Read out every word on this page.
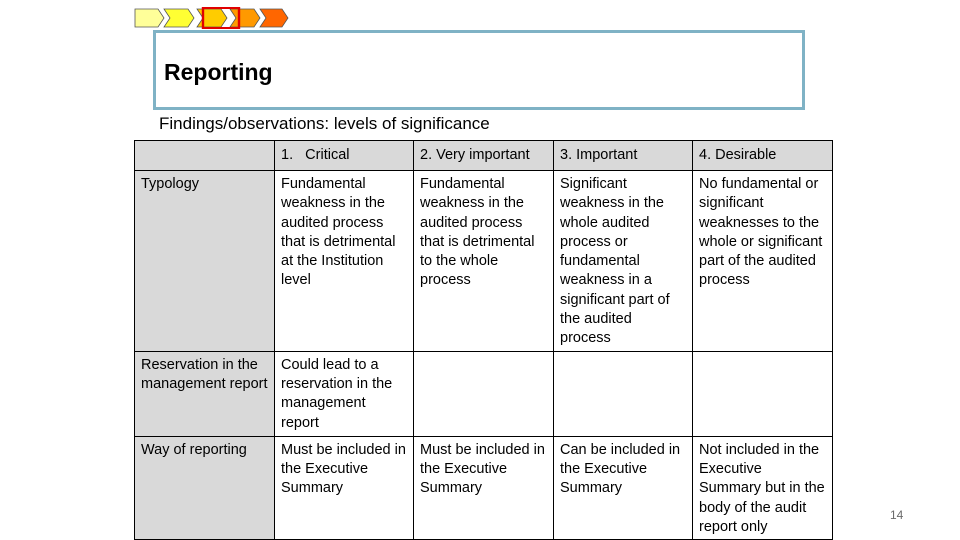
Reporting
Findings/observations: levels of significance
	1.   Critical	2. Very important	3. Important	4. Desirable
Typology	Fundamental weakness in the audited process that is detrimental at the Institution level	Fundamental weakness in the audited process that is detrimental to the whole process	Significant weakness in the whole audited process or fundamental weakness in a significant part of the audited process	No fundamental or significant weaknesses to the whole or significant part of the audited process
Reservation in the management report	Could lead to a reservation in the management report			
Way of reporting	Must be included in the Executive Summary	Must be included in the Executive Summary	Can be included in the Executive Summary	Not included in the Executive Summary but in the body of the audit report only
14
